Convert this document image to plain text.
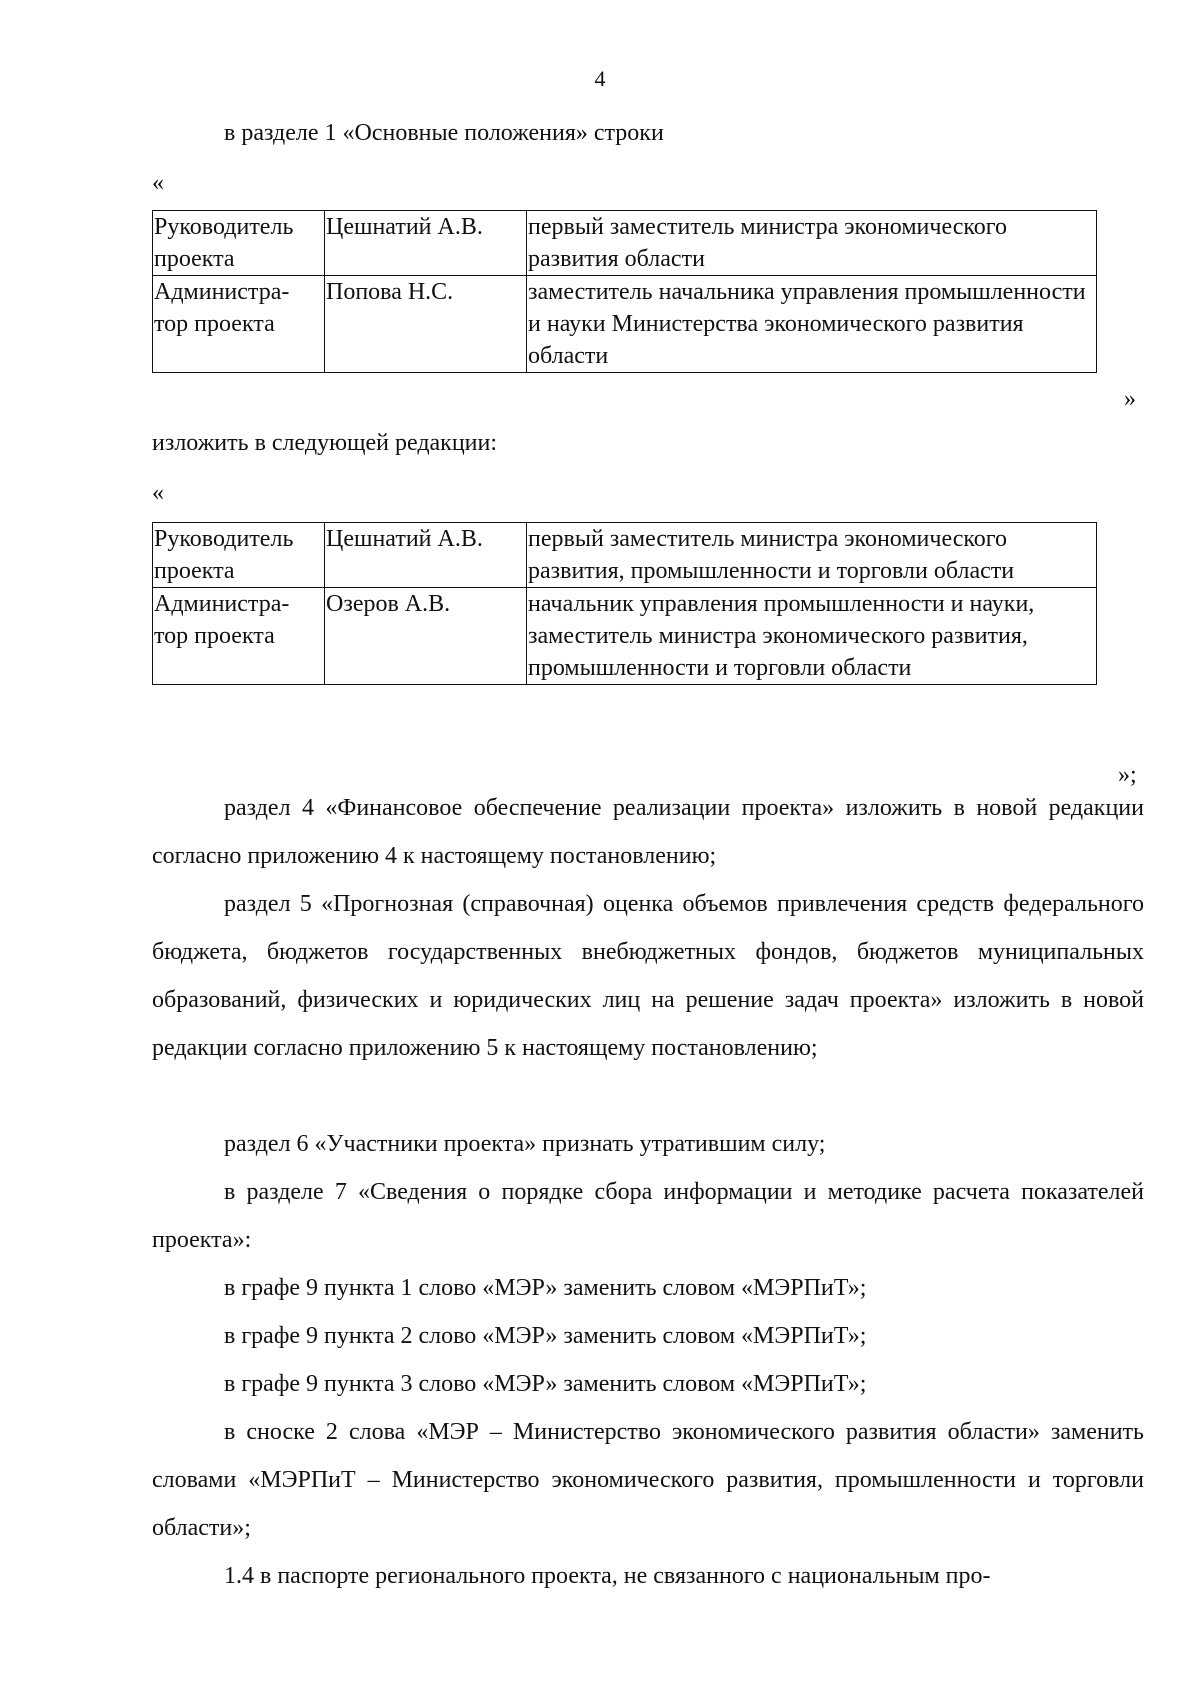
4
в разделе 1 «Основные положения» строки
«
Руководитель проекта	Цешнатий А.В.	первый заместитель министра экономического развития области
Администра-тор проекта	Попова Н.С.	заместитель начальника управления промышленности и науки Министерства экономического развития области
»
изложить в следующей редакции:
«
Руководитель проекта	Цешнатий А.В.	первый заместитель министра экономического развития, промышленности и торговли области
Администра-тор проекта	Озеров А.В.	начальник управления промышленности и науки, заместитель министра экономического развития, промышленности и торговли области
»;
раздел 4 «Финансовое обеспечение реализации проекта» изложить в новой редакции согласно приложению 4 к настоящему постановлению;
раздел 5 «Прогнозная (справочная) оценка объемов привлечения средств федерального бюджета, бюджетов государственных внебюджетных фондов, бюджетов муниципальных образований, физических и юридических лиц на решение задач проекта» изложить в новой редакции согласно приложению 5 к настоящему постановлению;
раздел 6 «Участники проекта» признать утратившим силу;
в разделе 7 «Сведения о порядке сбора информации и методике расчета показателей проекта»:
в графе 9 пункта 1 слово «МЭР» заменить словом «МЭРПиТ»;
в графе 9 пункта 2 слово «МЭР» заменить словом «МЭРПиТ»;
в графе 9 пункта 3 слово «МЭР» заменить словом «МЭРПиТ»;
в сноске 2 слова «МЭР – Министерство экономического развития области» заменить словами «МЭРПиТ – Министерство экономического развития, промышленности и торговли области»;
1.4 в паспорте регионального проекта, не связанного с национальным про-
